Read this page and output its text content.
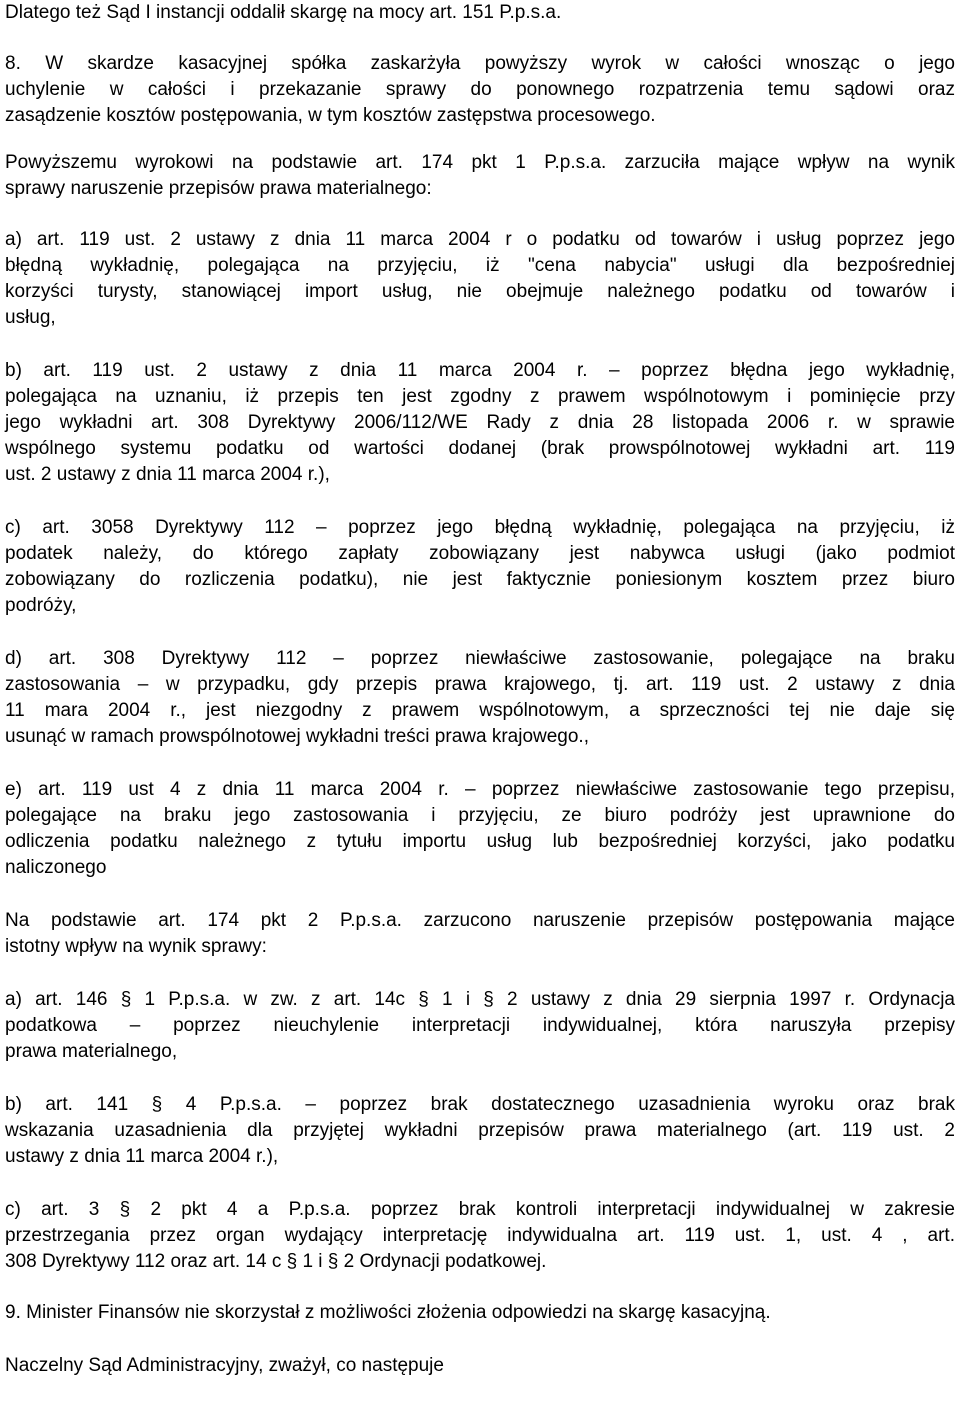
Dlatego też Sąd I instancji oddalił skargę na mocy art. 151 P.p.s.a.

8. W skardze kasacyjnej spółka zaskarżyła powyższy wyrok w całości wnosząc o jego
uchylenie w całości i przekazanie sprawy do ponownego rozpatrzenia temu sądowi oraz
zasądzenie kosztów postępowania, w tym kosztów zastępstwa procesowego.

Powyższemu wyrokowi na podstawie art. 174 pkt 1 P.p.s.a. zarzuciła mające wpływ na wynik
sprawy naruszenie przepisów prawa materialnego:

a) art. 119 ust. 2 ustawy z dnia 11 marca 2004 r o podatku od towarów i usług poprzez jego
błędną wykładnię, polegająca na przyjęciu, iż "cena nabycia" usługi dla bezpośredniej
korzyści turysty, stanowiącej import usług, nie obejmuje należnego podatku od towarów i
usług,

b) art. 119 ust. 2 ustawy z dnia 11 marca 2004 r. – poprzez błędna jego wykładnię,
polegająca na uznaniu, iż przepis ten jest zgodny z prawem wspólnotowym i pominięcie przy
jego wykładni art. 308 Dyrektywy 2006/112/WE Rady z dnia 28 listopada 2006 r. w sprawie
wspólnego systemu podatku od wartości dodanej (brak prowspólnotowej wykładni art. 119
ust. 2 ustawy z dnia 11 marca 2004 r.),

c) art. 3058 Dyrektywy 112 – poprzez jego błędną wykładnię, polegająca na przyjęciu, iż
podatek należy, do którego zapłaty zobowiązany jest nabywca usługi (jako podmiot
zobowiązany do rozliczenia podatku), nie jest faktycznie poniesionym kosztem przez biuro
podróży,

d) art. 308 Dyrektywy 112 – poprzez niewłaściwe zastosowanie, polegające na braku
zastosowania – w przypadku, gdy przepis prawa krajowego, tj. art. 119 ust. 2 ustawy z dnia
11 mara 2004 r., jest niezgodny z prawem wspólnotowym, a sprzeczności tej nie daje się
usunąć w ramach prowspólnotowej wykładni treści prawa krajowego.,

e) art. 119 ust 4 z dnia 11 marca 2004 r. – poprzez niewłaściwe zastosowanie tego przepisu,
polegające na braku jego zastosowania i przyjęciu, ze biuro podróży jest uprawnione do
odliczenia podatku należnego z tytułu importu usług lub bezpośredniej korzyści, jako podatku
naliczonego

Na podstawie art. 174 pkt 2 P.p.s.a. zarzucono naruszenie przepisów postępowania mające
istotny wpływ na wynik sprawy:

a) art. 146 § 1 P.p.s.a. w zw. z art. 14c § 1 i § 2 ustawy z dnia 29 sierpnia 1997 r. Ordynacja
podatkowa – poprzez nieuchylenie interpretacji indywidualnej, która naruszyła przepisy
prawa materialnego,

b) art. 141 § 4 P.p.s.a. – poprzez brak dostatecznego uzasadnienia wyroku oraz brak
wskazania uzasadnienia dla przyjętej wykładni przepisów prawa materialnego (art. 119 ust. 2
ustawy z dnia 11 marca 2004 r.),

c) art. 3 § 2 pkt 4 a P.p.s.a. poprzez brak kontroli interpretacji indywidualnej w zakresie
przestrzegania przez organ wydający interpretację indywidualna art. 119 ust. 1, ust. 4 , art.
308 Dyrektywy 112 oraz art. 14 c § 1 i § 2 Ordynacji podatkowej.

9. Minister Finansów nie skorzystał z możliwości złożenia odpowiedzi na skargę kasacyjną.

Naczelny Sąd Administracyjny, zważył, co następuje
